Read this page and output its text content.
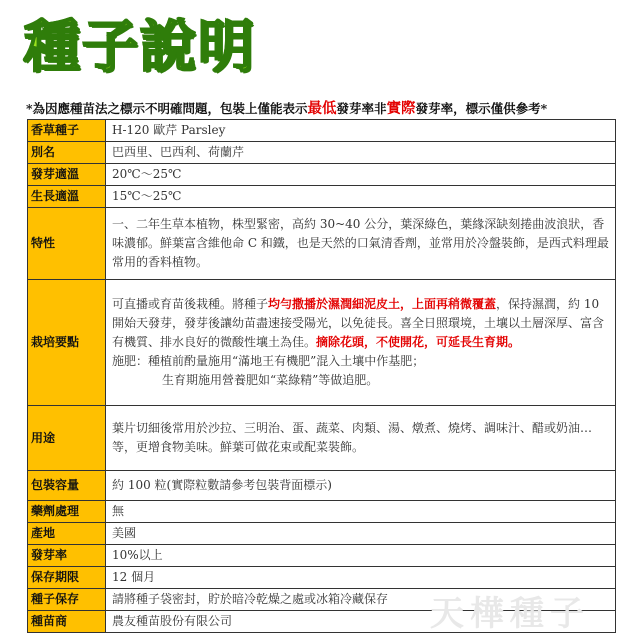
種子說明
*為因應種苗法之標示不明確問題，包裝上僅能表示最低發芽率非實際發芽率，標示僅供參考*
香草種子	H-120 歐芹 Parsley
別名	巴西里、巴西利、荷蘭芹
發芽適溫	20℃～25℃
生長適溫	15℃～25℃
特性	一、二年生草本植物，株型緊密，高約 30~40 公分，葉深綠色，葉緣深缺刻捲曲波浪狀，香味濃郁。鮮葉富含維他命 C 和鐵，也是天然的口氣清香劑，並常用於冷盤裝飾，是西式料理最常用的香料植物。
栽培要點	可直播或育苗後栽種。將種子均勻撒播於濕潤細泥皮土，上面再稍微覆蓋，保持濕潤，約 10 開始天發芽，發芽後讓幼苗盡速接受陽光，以免徒長。喜全日照環境，土壤以土層深厚、富含有機質、排水良好的微酸性壤土為佳。摘除花頭，不使開花，可延長生育期。
施肥：種植前酌量施用“滿地王有機肥”混入土壤中作基肥；
生育期施用營養肥如“菜綠精”等做追肥。

用途	葉片切細後常用於沙拉、三明治、蛋、蔬菜、肉類、湯、燉煮、燒烤、調味汁、醋或奶油…等，更增食物美味。鮮葉可做花束或配菜裝飾。
包裝容量	約 100 粒(實際粒數請參考包裝背面標示)
藥劑處理	無
產地	美國
發芽率	10%以上
保存期限	12 個月
種子保存	請將種子袋密封，貯於暗冷乾燥之處或冰箱冷藏保存
種苗商	農友種苗股份有限公司	天樺種子
